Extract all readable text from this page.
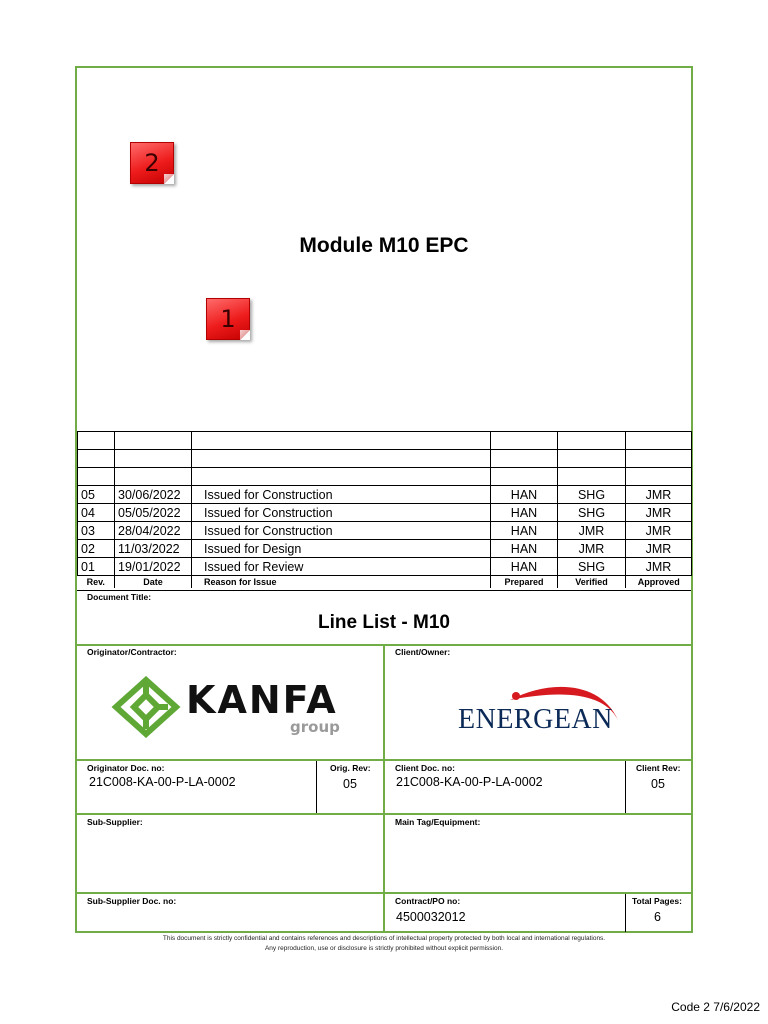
2
1
Module M10 EPC

05	30/06/2022	Issued for Construction	HAN	SHG	JMR
04	05/05/2022	Issued for Construction	HAN	SHG	JMR
03	28/04/2022	Issued for Construction	HAN	JMR	JMR
02	11/03/2022	Issued for Design	HAN	JMR	JMR
01	19/01/2022	Issued for Review	HAN	SHG	JMR
Rev.	Date	Reason for Issue	Prepared	Verified	Approved
Document Title:
Line List - M10
Originator/Contractor:	Client/Owner:
KANFA
group	ENERGEAN
Originator Doc. no:
21C008-KA-00-P-LA-0002
Orig. Rev:
05
Client Doc. no:
21C008-KA-00-P-LA-0002
Client Rev:
05
Sub-Supplier:	Main Tag/Equipment:
Sub-Supplier Doc. no:	Contract/PO no:
4500032012
Total Pages:
6
This document is strictly confidential and contains references and descriptions of intellectual property protected by both local and international regulations.
Any reproduction, use or disclosure is strictly prohibited without explicit permission.
Code 2 7/6/2022
